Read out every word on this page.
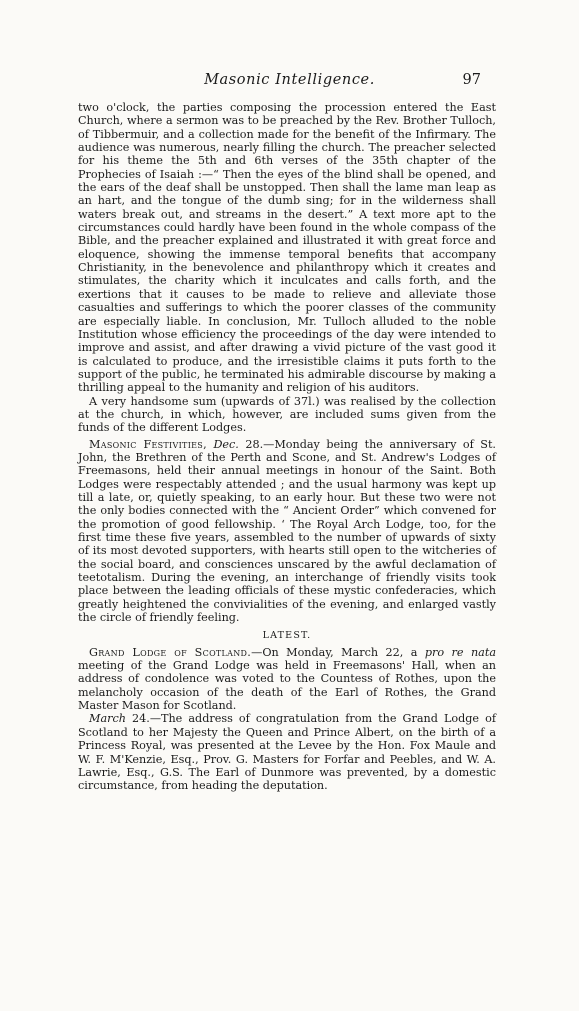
Masonic Intelligence.	97

two o'clock, the parties composing the procession entered the East Church, where a sermon was to be preached by the Rev. Brother Tulloch, of Tibbermuir, and a collection made for the benefit of the Infirmary. The audience was numerous, nearly filling the church. The preacher selected for his theme the 5th and 6th verses of the 35th chapter of the Prophecies of Isaiah :—“ Then the eyes of the blind shall be opened, and the ears of the deaf shall be unstopped. Then shall the lame man leap as an hart, and the tongue of the dumb sing; for in the wilderness shall waters break out, and streams in the desert.” A text more apt to the circumstances could hardly have been found in the whole compass of the Bible, and the preacher explained and illustrated it with great force and eloquence, showing the immense temporal benefits that accompany Christianity, in the benevolence and philanthropy which it creates and stimulates, the charity which it inculcates and calls forth, and the exertions that it causes to be made to relieve and alleviate those casualties and sufferings to which the poorer classes of the community are especially liable. In conclusion, Mr. Tulloch alluded to the noble Institution whose efficiency the proceedings of the day were intended to improve and assist, and after drawing a vivid picture of the vast good it is calculated to produce, and the irresistible claims it puts forth to the support of the public, he terminated his admirable discourse by making a thrilling appeal to the humanity and religion of his auditors.

A very handsome sum (upwards of 37l.) was realised by the collection at the church, in which, however, are included sums given from the funds of the different Lodges.

Masonic Festivities, Dec. 28.—Monday being the anniversary of St. John, the Brethren of the Perth and Scone, and St. Andrew's Lodges of Freemasons, held their annual meetings in honour of the Saint. Both Lodges were respectably attended ; and the usual harmony was kept up till a late, or, quietly speaking, to an early hour. But these two were not the only bodies connected with the “ Ancient Order” which convened for the promotion of good fellowship. ‘ The Royal Arch Lodge, too, for the first time these five years, assembled to the number of upwards of sixty of its most devoted supporters, with hearts still open to the witcheries of the social board, and consciences unscared by the awful declamation of teetotalism. During the evening, an interchange of friendly visits took place between the leading officials of these mystic confederacies, which greatly heightened the convivialities of the evening, and enlarged vastly the circle of friendly feeling.

LATEST.

Grand Lodge of Scotland.—On Monday, March 22, a pro re nata meeting of the Grand Lodge was held in Freemasons' Hall, when an address of condolence was voted to the Countess of Rothes, upon the melancholy occasion of the death of the Earl of Rothes, the Grand Master Mason for Scotland.

March 24.—The address of congratulation from the Grand Lodge of Scotland to her Majesty the Queen and Prince Albert, on the birth of a Princess Royal, was presented at the Levee by the Hon. Fox Maule and W. F. M'Kenzie, Esq., Prov. G. Masters for Forfar and Peebles, and W. A. Lawrie, Esq., G.S. The Earl of Dunmore was prevented, by a domestic circumstance, from heading the deputation.
